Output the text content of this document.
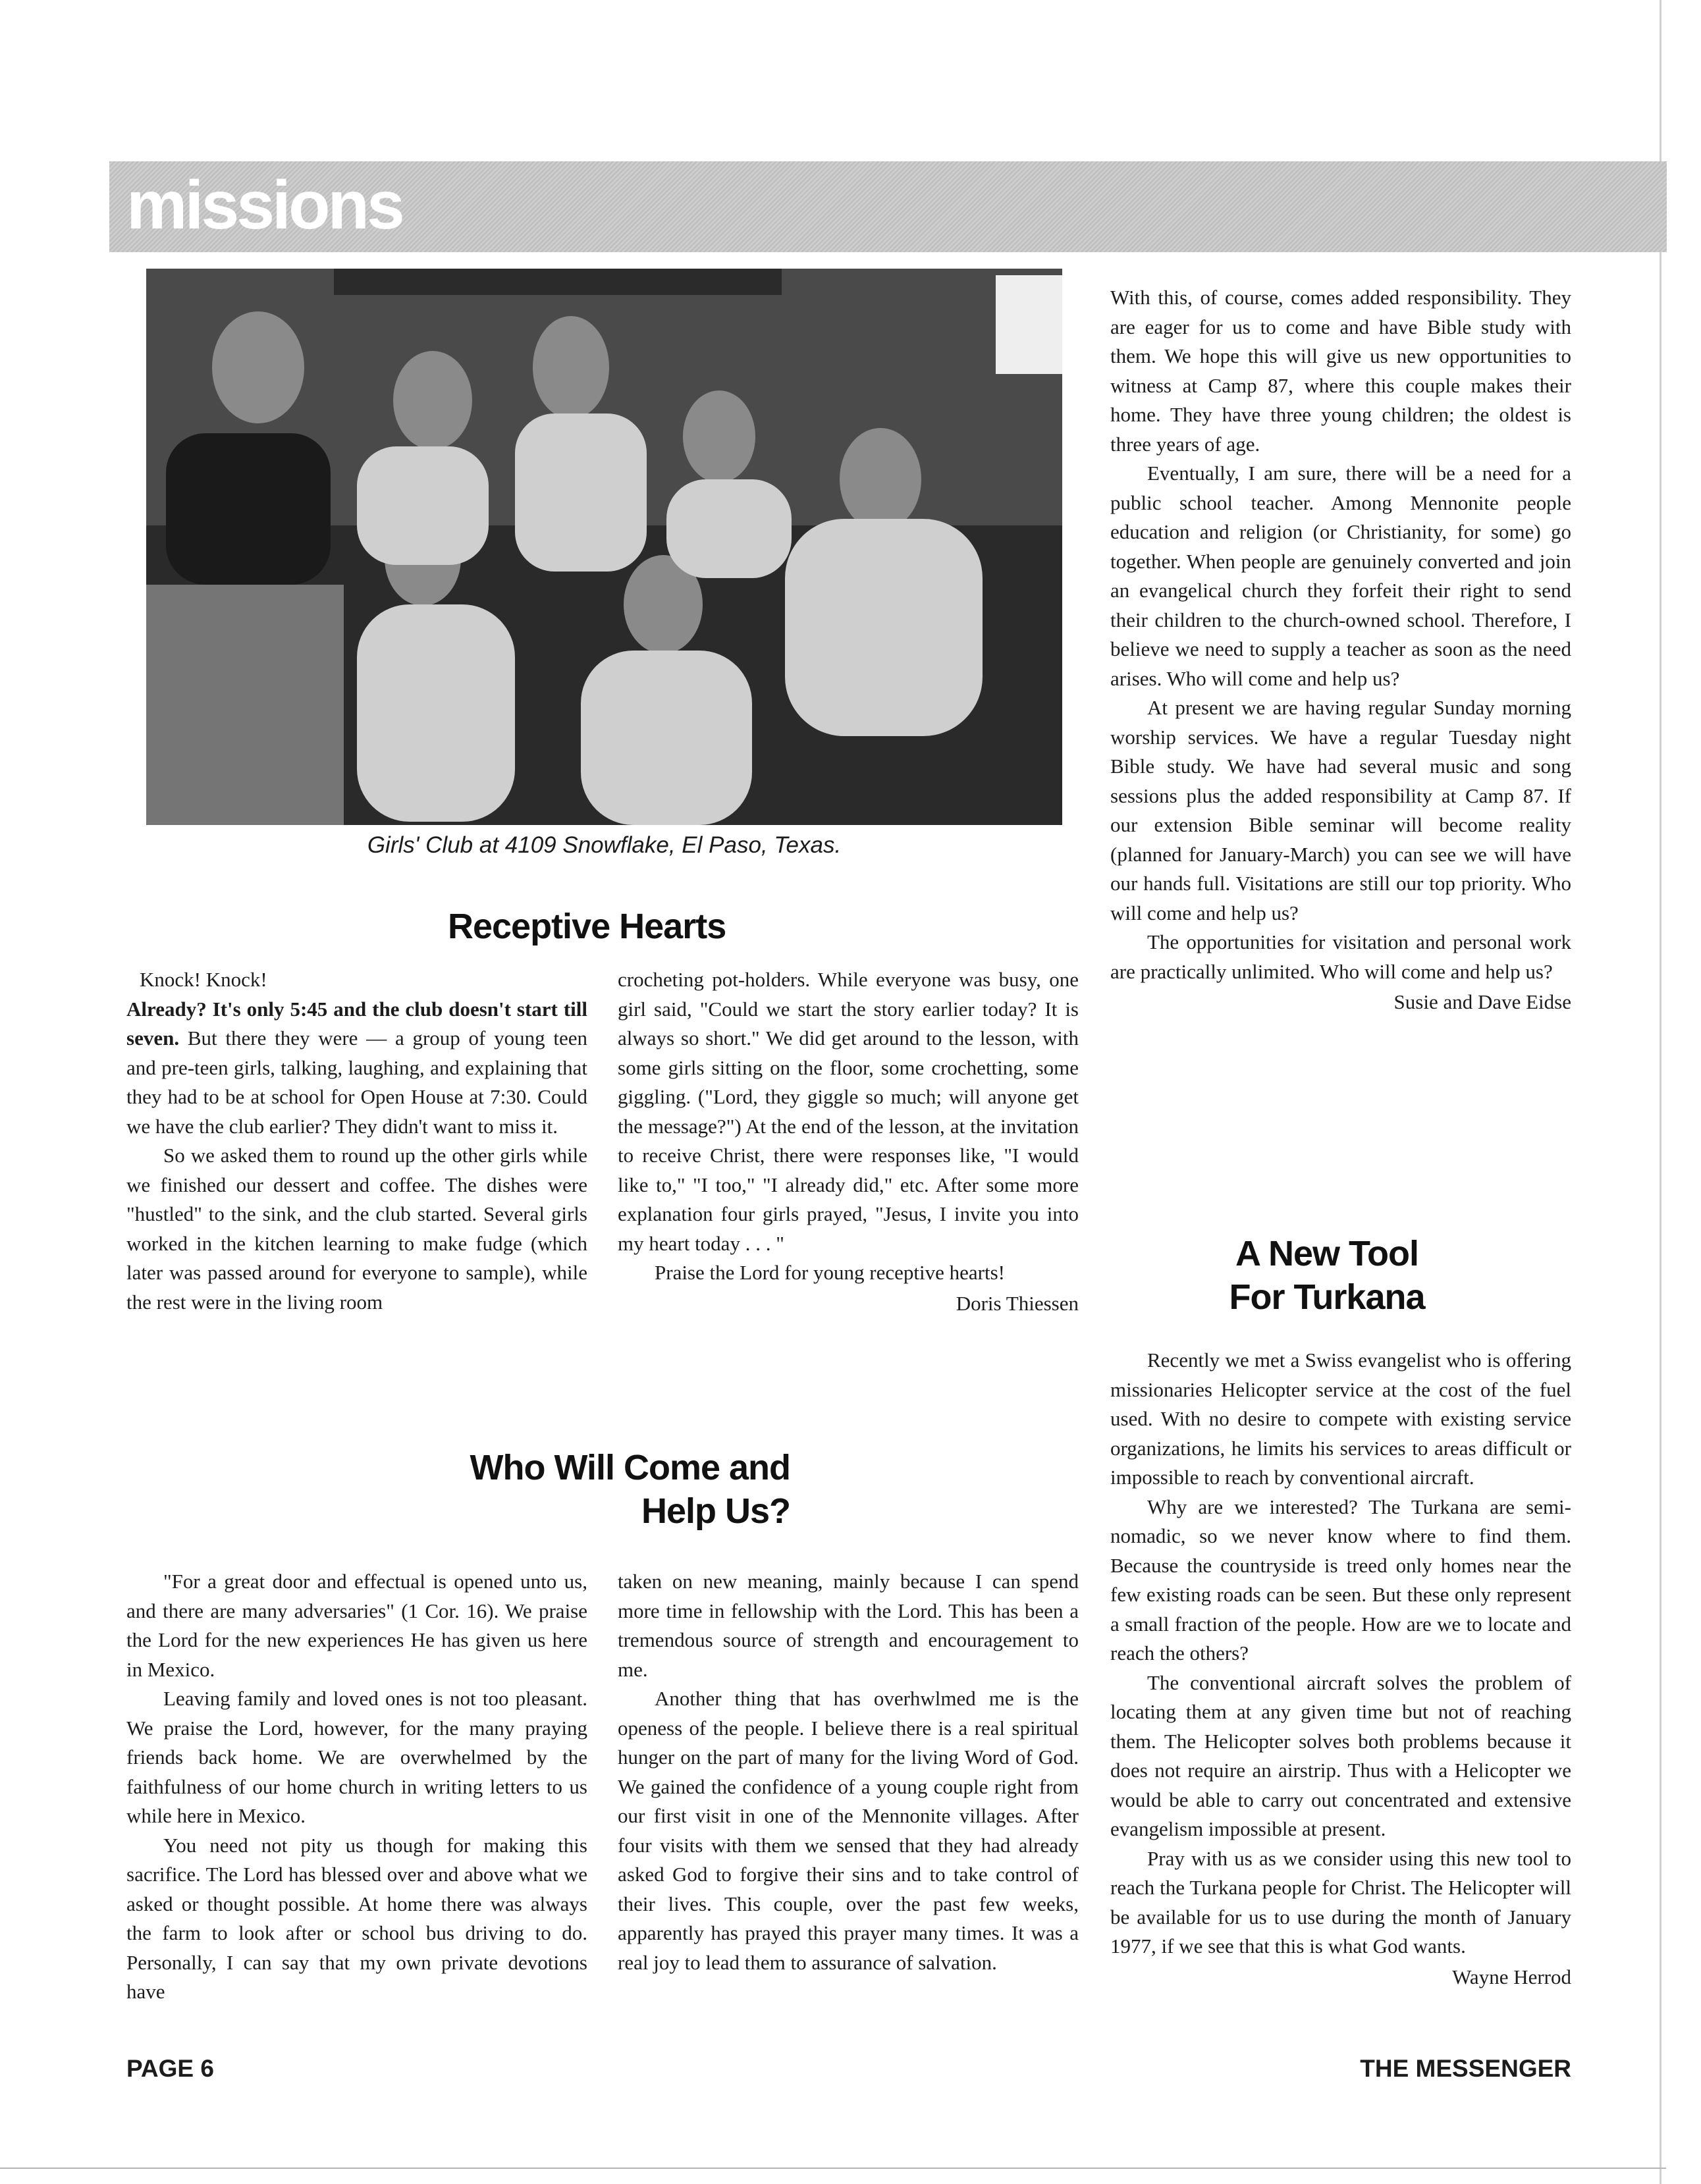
missions

Girls' Club at 4109 Snowflake, El Paso, Texas.

Receptive Hearts

Knock! Knock!

Already? It's only 5:45 and the club doesn't start till seven. But there they were — a group of young teen and pre-teen girls, talking, laughing, and explaining that they had to be at school for Open House at 7:30. Could we have the club earlier? They didn't want to miss it.

So we asked them to round up the other girls while we finished our dessert and coffee. The dishes were "hustled" to the sink, and the club started. Several girls worked in the kitchen learning to make fudge (which later was passed around for everyone to sample), while the rest were in the living room

crocheting pot-holders. While everyone was busy, one girl said, "Could we start the story earlier today? It is always so short." We did get around to the lesson, with some girls sitting on the floor, some crochetting, some giggling. ("Lord, they giggle so much; will anyone get the message?") At the end of the lesson, at the invitation to receive Christ, there were responses like, "I would like to," "I too," "I already did," etc. After some more explanation four girls prayed, "Jesus, I invite you into my heart today . . . "

Praise the Lord for young receptive hearts!

Doris Thiessen

Who Will Come and
Help Us?

"For a great door and effectual is opened unto us, and there are many adversaries" (1 Cor. 16). We praise the Lord for the new experiences He has given us here in Mexico.

Leaving family and loved ones is not too pleasant. We praise the Lord, however, for the many praying friends back home. We are overwhelmed by the faithfulness of our home church in writing letters to us while here in Mexico.

You need not pity us though for making this sacrifice. The Lord has blessed over and above what we asked or thought possible. At home there was always the farm to look after or school bus driving to do. Personally, I can say that my own private devotions have

taken on new meaning, mainly because I can spend more time in fellowship with the Lord. This has been a tremendous source of strength and encouragement to me.

Another thing that has overhwlmed me is the openess of the people. I believe there is a real spiritual hunger on the part of many for the living Word of God. We gained the confidence of a young couple right from our first visit in one of the Mennonite villages. After four visits with them we sensed that they had already asked God to forgive their sins and to take control of their lives. This couple, over the past few weeks, apparently has prayed this prayer many times. It was a real joy to lead them to assurance of salvation.

With this, of course, comes added responsibility. They are eager for us to come and have Bible study with them. We hope this will give us new opportunities to witness at Camp 87, where this couple makes their home. They have three young children; the oldest is three years of age.

Eventually, I am sure, there will be a need for a public school teacher. Among Mennonite people education and religion (or Christianity, for some) go together. When people are genuinely converted and join an evangelical church they forfeit their right to send their children to the church-owned school. Therefore, I believe we need to supply a teacher as soon as the need arises. Who will come and help us?

At present we are having regular Sunday morning worship services. We have a regular Tuesday night Bible study. We have had several music and song sessions plus the added responsibility at Camp 87. If our extension Bible seminar will become reality (planned for January-March) you can see we will have our hands full. Visitations are still our top priority. Who will come and help us?

The opportunities for visitation and personal work are practically unlimited. Who will come and help us?

Susie and Dave Eidse

A New Tool
For Turkana

Recently we met a Swiss evangelist who is offering missionaries Helicopter service at the cost of the fuel used. With no desire to compete with existing service organizations, he limits his services to areas difficult or impossible to reach by conventional aircraft.

Why are we interested? The Turkana are semi-nomadic, so we never know where to find them. Because the countryside is treed only homes near the few existing roads can be seen. But these only represent a small fraction of the people. How are we to locate and reach the others?

The conventional aircraft solves the problem of locating them at any given time but not of reaching them. The Helicopter solves both problems because it does not require an airstrip. Thus with a Helicopter we would be able to carry out concentrated and extensive evangelism impossible at present.

Pray with us as we consider using this new tool to reach the Turkana people for Christ. The Helicopter will be available for us to use during the month of January 1977, if we see that this is what God wants.

Wayne Herrod

PAGE 6	THE MESSENGER
